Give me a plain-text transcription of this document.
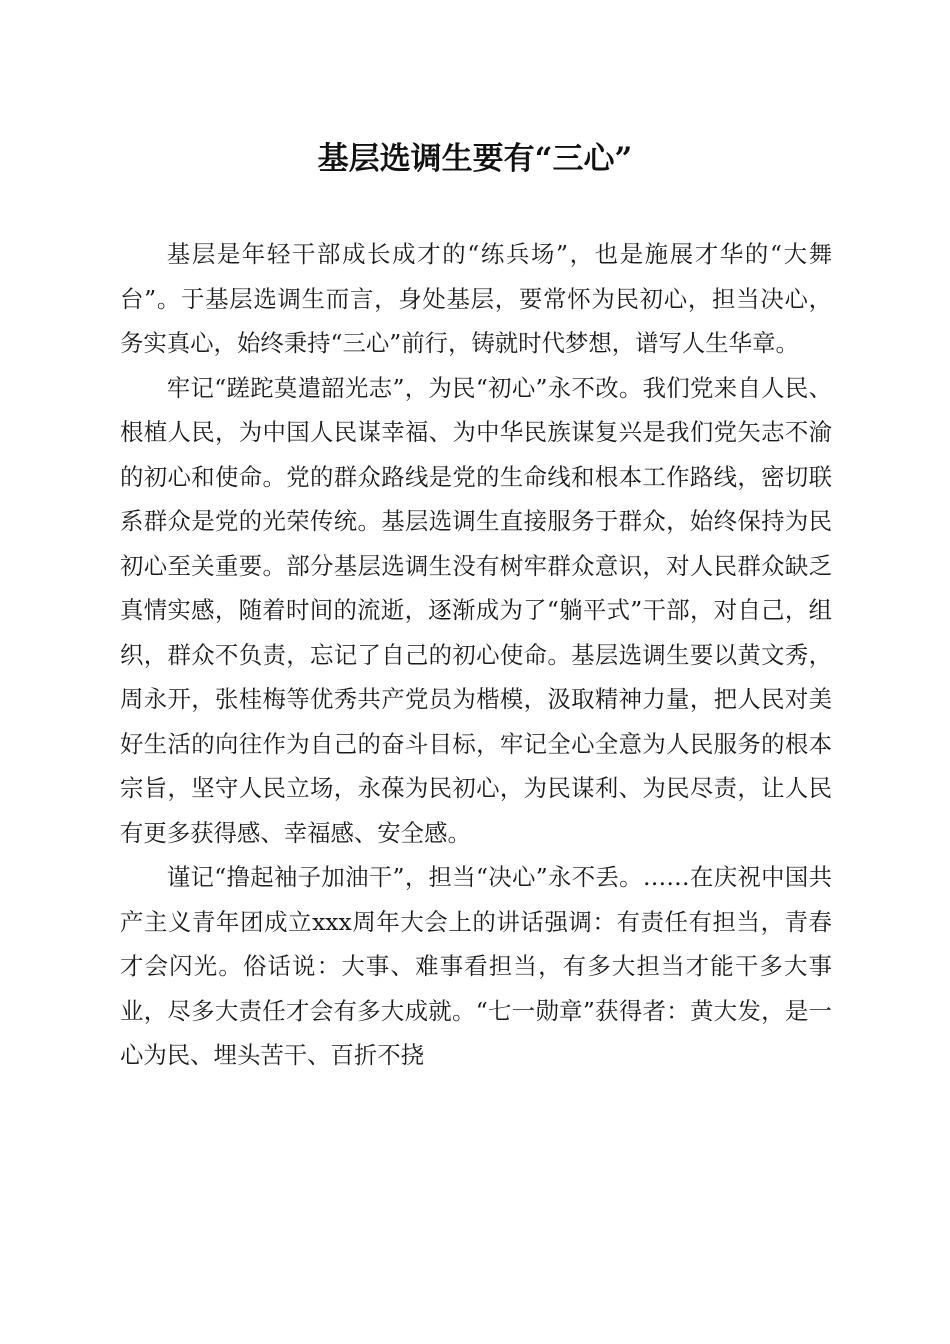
基层选调生要有“三心”

基层是年轻干部成长成才的“练兵场”，也是施展才华的“大舞台”。于基层选调生而言，身处基层，要常怀为民初心，担当决心，务实真心，始终秉持“三心”前行，铸就时代梦想，谱写人生华章。

牢记“蹉跎莫遣韶光志”，为民“初心”永不改。我们党来自人民、根植人民，为中国人民谋幸福、为中华民族谋复兴是我们党矢志不渝的初心和使命。党的群众路线是党的生命线和根本工作路线，密切联系群众是党的光荣传统。基层选调生直接服务于群众，始终保持为民初心至关重要。部分基层选调生没有树牢群众意识，对人民群众缺乏真情实感，随着时间的流逝，逐渐成为了“躺平式”干部，对自己，组织，群众不负责，忘记了自己的初心使命。基层选调生要以黄文秀，周永开，张桂梅等优秀共产党员为楷模，汲取精神力量，把人民对美好生活的向往作为自己的奋斗目标，牢记全心全意为人民服务的根本宗旨，坚守人民立场，永葆为民初心，为民谋利、为民尽责，让人民有更多获得感、幸福感、安全感。

谨记“撸起袖子加油干”，担当“决心”永不丢。……在庆祝中国共产主义青年团成立xxx周年大会上的讲话强调：有责任有担当，青春才会闪光。俗话说：大事、难事看担当，有多大担当才能干多大事业，尽多大责任才会有多大成就。“七一勋章”获得者：黄大发，是一心为民、埋头苦干、百折不挠
